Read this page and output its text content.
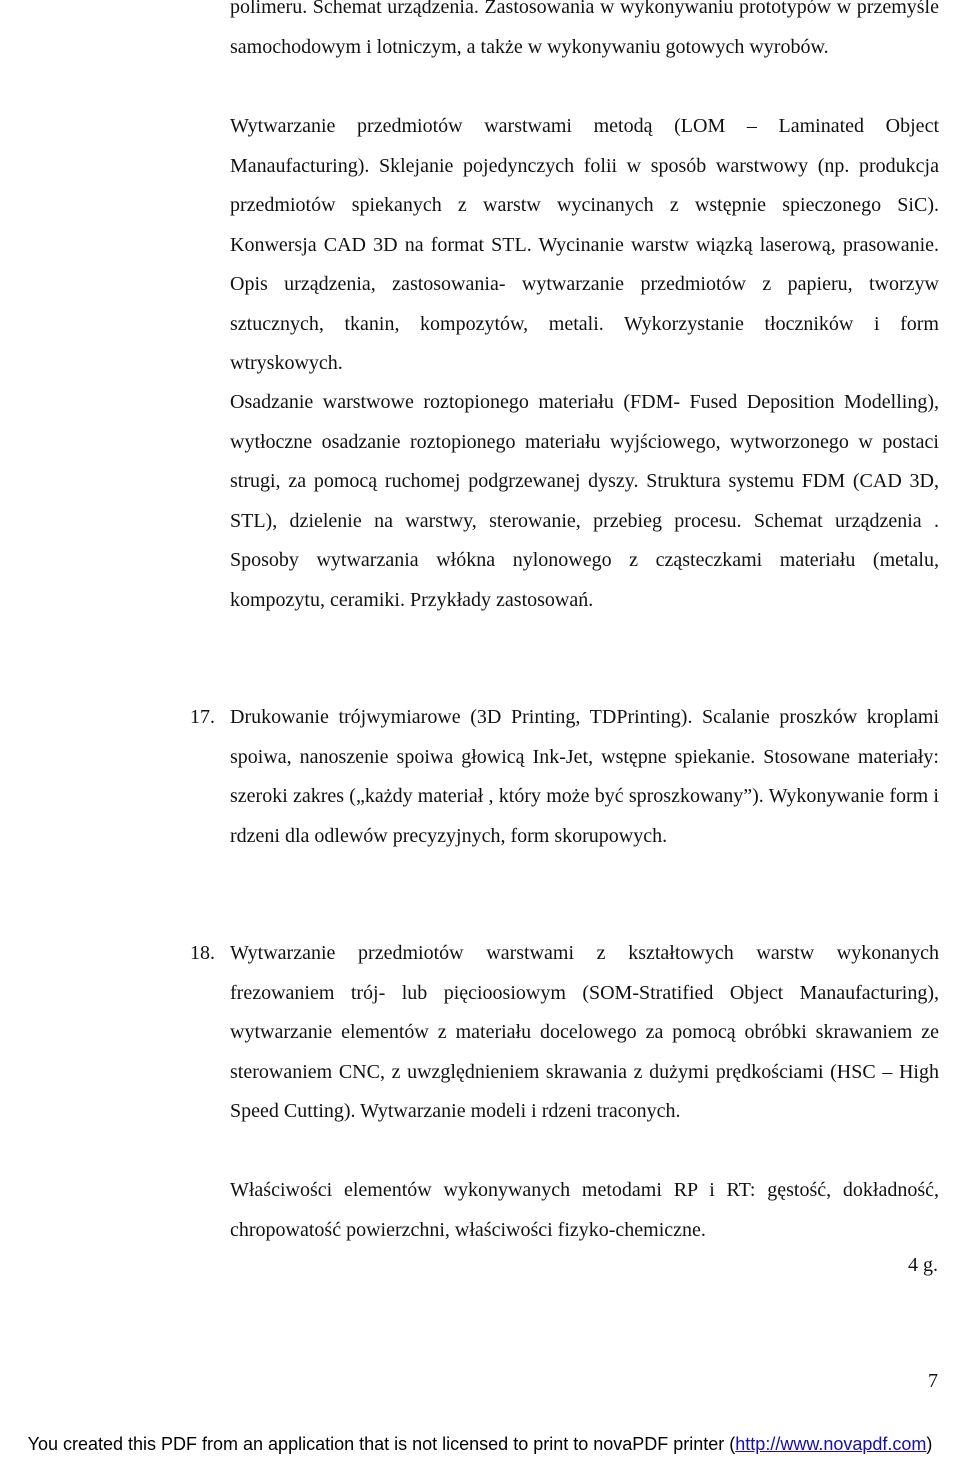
polimeru. Schemat urządzenia. Zastosowania w wykonywaniu prototypów w przemyśle samochodowym i lotniczym, a także w wykonywaniu gotowych wyrobów.

Wytwarzanie przedmiotów warstwami metodą (LOM – Laminated Object Manaufacturing). Sklejanie pojedynczych folii w sposób warstwowy (np. produkcja przedmiotów spiekanych z warstw wycinanych z wstępnie spieczonego SiC). Konwersja CAD 3D na format STL. Wycinanie warstw wiązką laserową, prasowanie. Opis urządzenia, zastosowania- wytwarzanie przedmiotów z papieru, tworzyw sztucznych, tkanin, kompozytów, metali. Wykorzystanie tłoczników i form wtryskowych.

Osadzanie warstwowe roztopionego materiału (FDM- Fused Deposition Modelling), wytłoczne osadzanie roztopionego materiału wyjściowego, wytworzonego w postaci strugi, za pomocą ruchomej podgrzewanej dyszy. Struktura systemu FDM (CAD 3D, STL), dzielenie na warstwy, sterowanie, przebieg procesu. Schemat urządzenia . Sposoby wytwarzania włókna nylonowego z cząsteczkami materiału (metalu, kompozytu, ceramiki. Przykłady zastosowań.

17. Drukowanie trójwymiarowe (3D Printing, TDPrinting). Scalanie proszków kroplami spoiwa, nanoszenie spoiwa głowicą Ink-Jet, wstępne spiekanie. Stosowane materiały: szeroki zakres („każdy materiał , który może być sproszkowany”). Wykonywanie form i rdzeni dla odlewów precyzyjnych, form skorupowych.

18. Wytwarzanie przedmiotów warstwami z kształtowych warstw wykonanych frezowaniem trój- lub pięcioosiowym (SOM-Stratified Object Manaufacturing), wytwarzanie elementów z materiału docelowego za pomocą obróbki skrawaniem ze sterowaniem CNC, z uwzględnieniem skrawania z dużymi prędkościami (HSC – High Speed Cutting). Wytwarzanie modeli i rdzeni traconych.

Właściwości elementów wykonywanych metodami RP i RT: gęstość, dokładność, chropowatość powierzchni, właściwości fizyko-chemiczne.

4 g.
7
You created this PDF from an application that is not licensed to print to novaPDF printer (http://www.novapdf.com)
